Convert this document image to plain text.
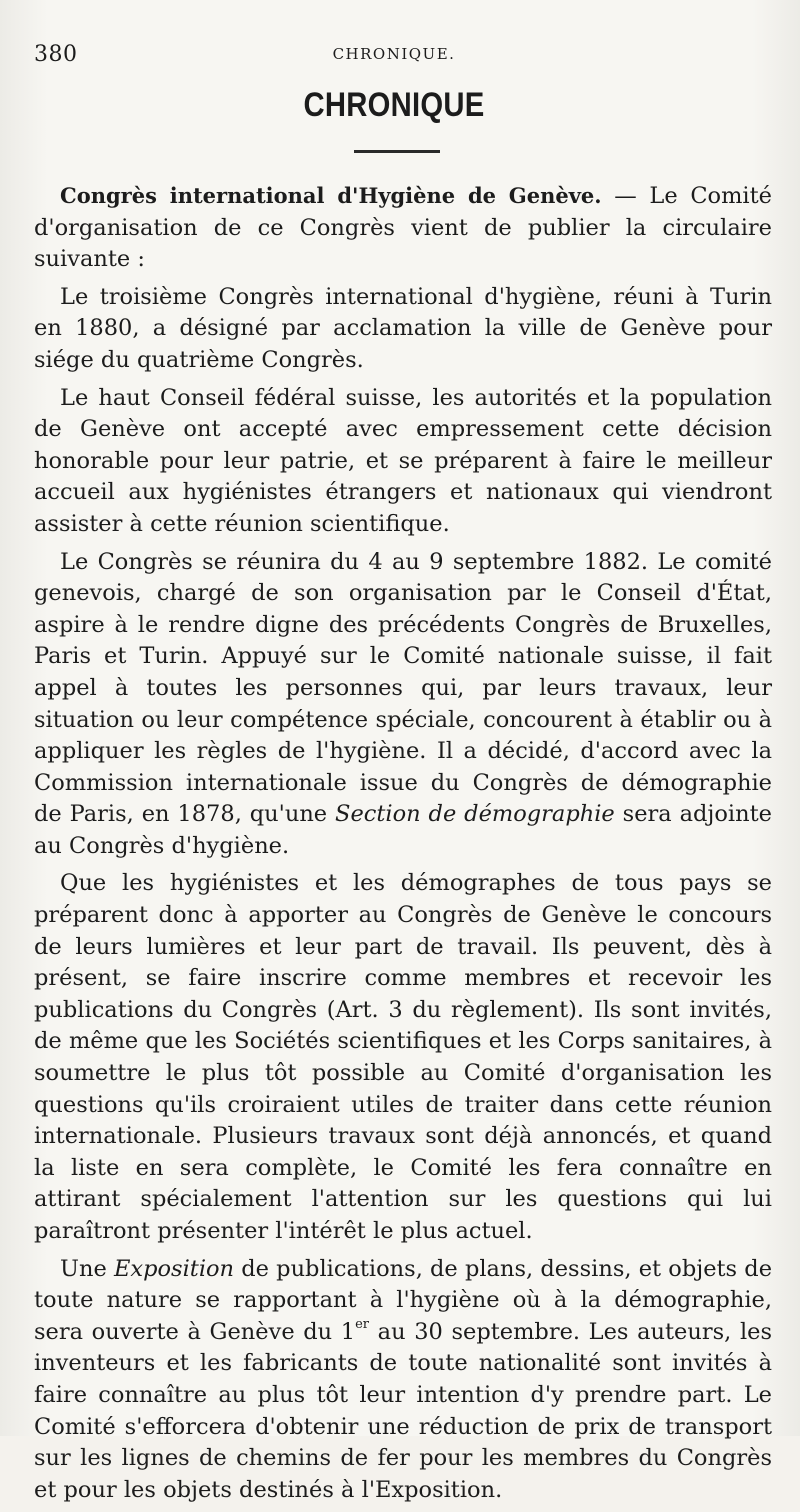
380	CHRONIQUE.
CHRONIQUE

Congrès international d'Hygiène de Genève. — Le Comité d'organisation de ce Congrès vient de publier la circulaire suivante :

Le troisième Congrès international d'hygiène, réuni à Turin en 1880, a désigné par acclamation la ville de Genève pour siége du quatrième Congrès.

Le haut Conseil fédéral suisse, les autorités et la population de Genève ont accepté avec empressement cette décision honorable pour leur patrie, et se préparent à faire le meilleur accueil aux hygiénistes étrangers et nationaux qui viendront assister à cette réunion scientifique.

Le Congrès se réunira du 4 au 9 septembre 1882. Le comité genevois, chargé de son organisation par le Conseil d'État, aspire à le rendre digne des précédents Congrès de Bruxelles, Paris et Turin. Appuyé sur le Comité nationale suisse, il fait appel à toutes les personnes qui, par leurs travaux, leur situation ou leur compétence spéciale, concourent à établir ou à appliquer les règles de l'hygiène. Il a décidé, d'accord avec la Commission internationale issue du Congrès de démographie de Paris, en 1878, qu'une Section de démographie sera adjointe au Congrès d'hygiène.

Que les hygiénistes et les démographes de tous pays se préparent donc à apporter au Congrès de Genève le concours de leurs lumières et leur part de travail. Ils peuvent, dès à présent, se faire inscrire comme membres et recevoir les publications du Congrès (Art. 3 du règlement). Ils sont invités, de même que les Sociétés scientifiques et les Corps sanitaires, à soumettre le plus tôt possible au Comité d'organisation les questions qu'ils croiraient utiles de traiter dans cette réunion internationale. Plusieurs travaux sont déjà annoncés, et quand la liste en sera complète, le Comité les fera connaître en attirant spécialement l'attention sur les questions qui lui paraîtront présenter l'intérêt le plus actuel.

Une Exposition de publications, de plans, dessins, et objets de toute nature se rapportant à l'hygiène où à la démographie, sera ouverte à Genève du 1er au 30 septembre. Les auteurs, les inventeurs et les fabricants de toute nationalité sont invités à faire connaître au plus tôt leur intention d'y prendre part. Le Comité s'efforcera d'obtenir une réduction de prix de transport sur les lignes de chemins de fer pour les membres du Congrès et pour les objets destinés à l'Exposition.
